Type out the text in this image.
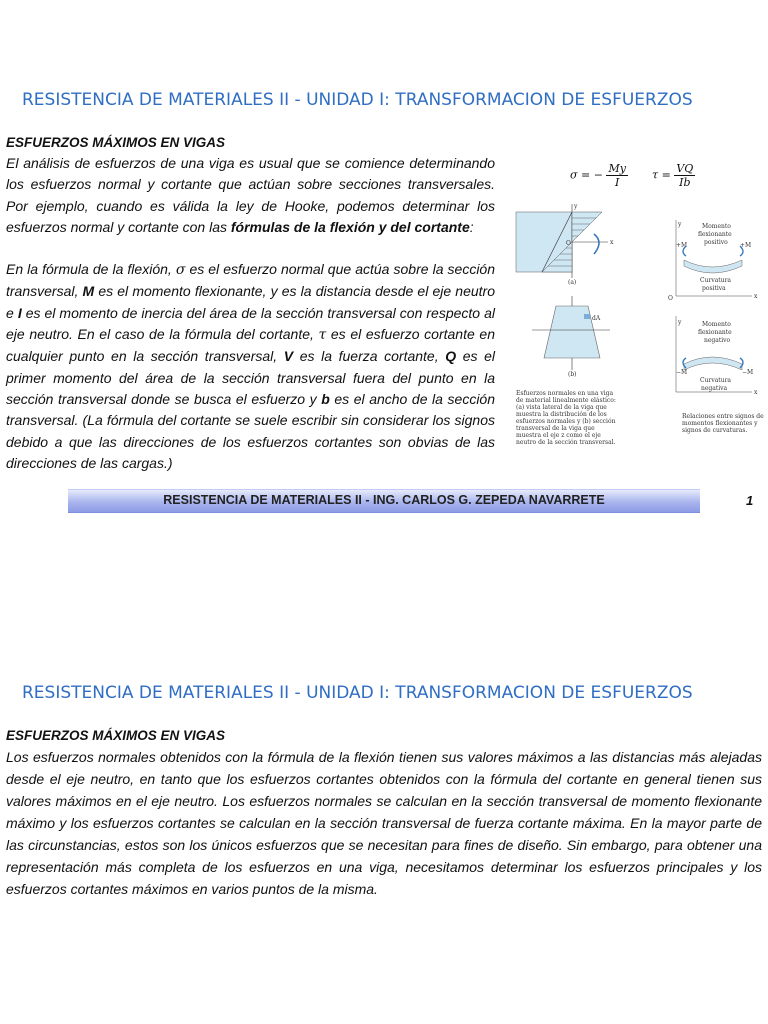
RESISTENCIA DE MATERIALES II - UNIDAD I: TRANSFORMACION DE ESFUERZOS
ESFUERZOS MÁXIMOS EN VIGAS

El análisis de esfuerzos de una viga es usual que se comience determinando los esfuerzos normal y cortante que actúan sobre secciones transversales. Por ejemplo, cuando es válida la ley de Hooke, podemos determinar los esfuerzos normal y cortante con las fórmulas de la flexión y del cortante:

En la fórmula de la flexión, σ es el esfuerzo normal que actúa sobre la sección transversal, M es el momento flexionante, y es la distancia desde el eje neutro e I es el momento de inercia del área de la sección transversal con respecto al eje neutro. En el caso de la fórmula del cortante, τ es el esfuerzo cortante en cualquier punto en la sección transversal, V es la fuerza cortante, Q es el primer momento del área de la sección transversal fuera del punto en la sección transversal donde se busca el esfuerzo y b es el ancho de la sección transversal. (La fórmula del cortante se suele escribir sin considerar los signos debido a que las direcciones de los esfuerzos cortantes son obvias de las direcciones de las cargas.)

σ = − $\frac{My}{I}$ $\tau = \frac{VQ}{Ib}$
x
y
O
(a)
dA
(b)
Esfuerzos normales en una viga de material linealmente elástico: (a) vista lateral de la viga que muestra la distribución de los esfuerzos normales y (b) sección transversal de la viga que muestra el eje z como el eje neutro de la sección transversal.
y
x
O
Momento
flexionante
positivo
+M	+M
Curvatura
positiva
y
x
Momento
flexionante
negativo
−M	−M
Curvatura
negativa
Relaciones entre signos de momentos flexionantes y signos de curvaturas.
RESISTENCIA DE MATERIALES II - ING. CARLOS G. ZEPEDA NAVARRETE	1
RESISTENCIA DE MATERIALES II - UNIDAD I: TRANSFORMACION DE ESFUERZOS
ESFUERZOS MÁXIMOS EN VIGAS

Los esfuerzos normales obtenidos con la fórmula de la flexión tienen sus valores máximos a las distancias más alejadas desde el eje neutro, en tanto que los esfuerzos cortantes obtenidos con la fórmula del cortante en general tienen sus valores máximos en el eje neutro. Los esfuerzos normales se calculan en la sección transversal de momento flexionante máximo y los esfuerzos cortantes se calculan en la sección transversal de fuerza cortante máxima. En la mayor parte de las circunstancias, estos son los únicos esfuerzos que se necesitan para fines de diseño. Sin embargo, para obtener una representación más completa de los esfuerzos en una viga, necesitamos determinar los esfuerzos principales y los esfuerzos cortantes máximos en varios puntos de la misma.
